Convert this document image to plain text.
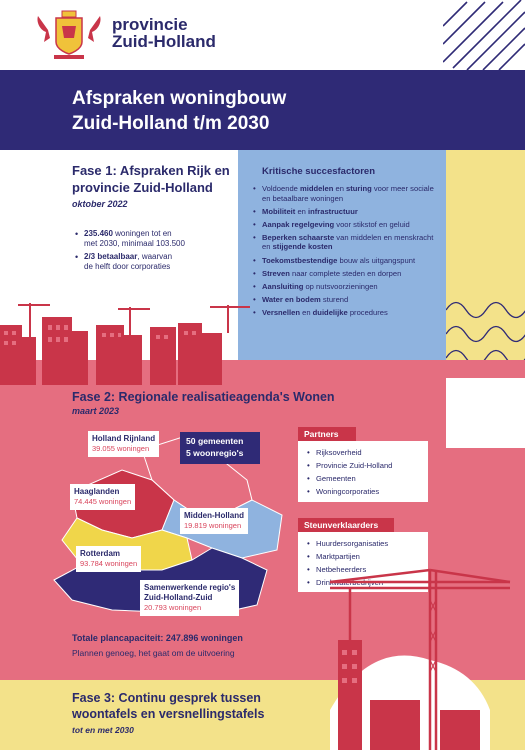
provincie
Zuid-Holland
Afspraken woningbouw
Zuid-Holland t/m 2030
Fase 1: Afspraken Rijk en
provincie Zuid-Holland
oktober 2022
• 235.460 woningen tot en
met 2030, minimaal 103.500
• 2/3 betaalbaar, waarvan
de helft door corporaties
Kritische succesfactoren
• Voldoende middelen en sturing voor meer sociale en betaalbare woningen
• Mobiliteit en infrastructuur
• Aanpak regelgeving voor stikstof en geluid
• Beperken schaarste van middelen en menskracht en stijgende kosten
• Toekomstbestendige bouw als uitgangspunt
• Streven naar complete steden en dorpen
• Aansluiting op nutsvoorzieningen
• Water en bodem sturend
• Versnellen en duidelijke procedures
Fase 2: Regionale realisatieagenda's Wonen
maart 2023
Holland Rijnland
39.055 woningen
Haaglanden
74.445 woningen
Midden-Holland
19.819 woningen
Rotterdam
93.784 woningen
Samenwerkende regio's
Zuid-Holland-Zuid
20.793 woningen
50 gemeenten
5 woonregio's
Totale plancapaciteit: 247.896 woningen
Plannen genoeg, het gaat om de uitvoering
Partners
• Rijksoverheid
• Provincie Zuid-Holland
• Gemeenten
• Woningcorporaties
Steunverklaarders
• Huurdersorganisaties
• Marktpartijen
• Netbeheerders
• Drinkwaterbedrijven
Fase 3: Continu gesprek tussen
woontafels en versnellingstafels
tot en met 2030
